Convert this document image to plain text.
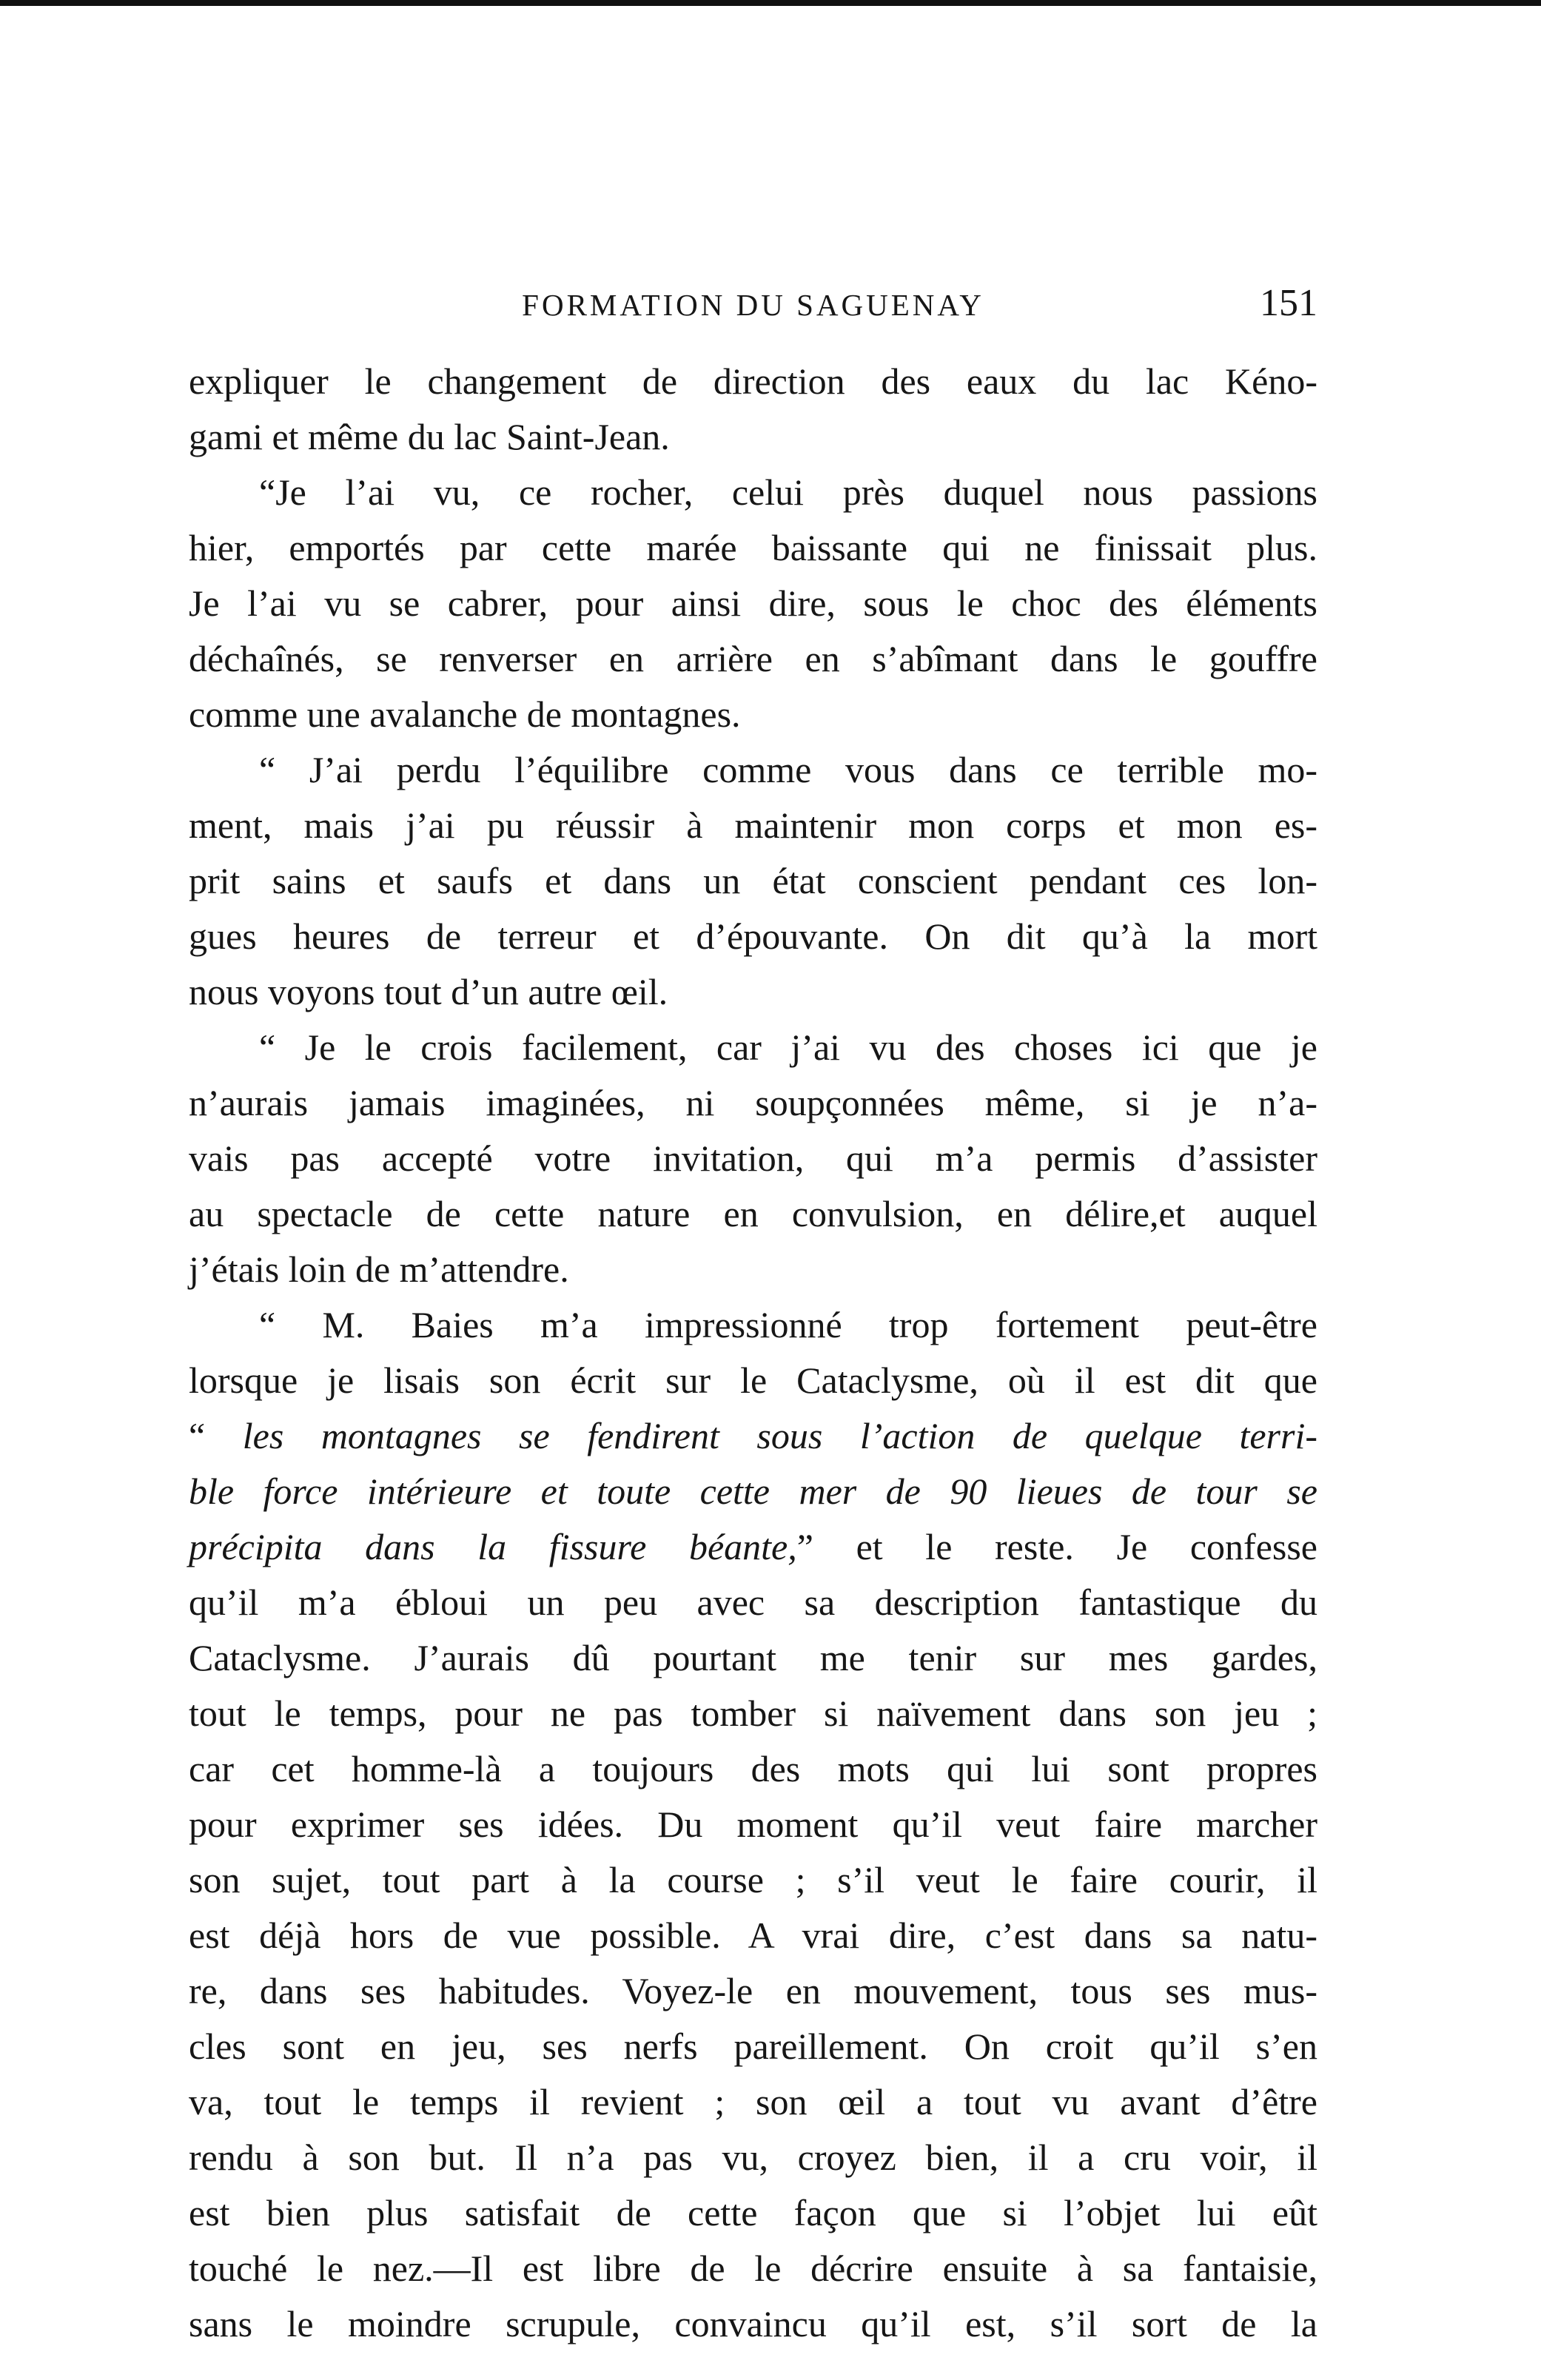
FORMATION DU SAGUENAY	151
expliquer le changement de direction des eaux du lac Kéno-
gami et même du lac Saint-Jean.
“Je l’ai vu, ce rocher, celui près duquel nous passions
hier, emportés par cette marée baissante qui ne finissait plus.
Je l’ai vu se cabrer, pour ainsi dire, sous le choc des éléments
déchaînés, se renverser en arrière en s’abîmant dans le gouffre
comme une avalanche de montagnes.
“ J’ai perdu l’équilibre comme vous dans ce terrible mo-
ment, mais j’ai pu réussir à maintenir mon corps et mon es-
prit sains et saufs et dans un état conscient pendant ces lon-
gues heures de terreur et d’épouvante. On dit qu’à la mort
nous voyons tout d’un autre œil.
“ Je le crois facilement, car j’ai vu des choses ici que je
n’aurais jamais imaginées, ni soupçonnées même, si je n’a-
vais pas accepté votre invitation, qui m’a permis d’assister
au spectacle de cette nature en convulsion, en délire,et auquel
j’étais loin de m’attendre.
“ M. Baies m’a impressionné trop fortement peut-être
lorsque je lisais son écrit sur le Cataclysme, où il est dit que
“ les montagnes se fendirent sous l’action de quelque terri-
ble force intérieure et toute cette mer de 90 lieues de tour se
précipita dans la fissure béante,” et le reste. Je confesse
qu’il m’a ébloui un peu avec sa description fantastique du
Cataclysme. J’aurais dû pourtant me tenir sur mes gardes,
tout le temps, pour ne pas tomber si naïvement dans son jeu ;
car cet homme-là a toujours des mots qui lui sont propres
pour exprimer ses idées. Du moment qu’il veut faire marcher
son sujet, tout part à la course ; s’il veut le faire courir, il
est déjà hors de vue possible. A vrai dire, c’est dans sa natu-
re, dans ses habitudes. Voyez-le en mouvement, tous ses mus-
cles sont en jeu, ses nerfs pareillement. On croit qu’il s’en
va, tout le temps il revient ; son œil a tout vu avant d’être
rendu à son but. Il n’a pas vu, croyez bien, il a cru voir, il
est bien plus satisfait de cette façon que si l’objet lui eût
touché le nez.—Il est libre de le décrire ensuite à sa fantaisie,
sans le moindre scrupule, convaincu qu’il est, s’il sort de la
